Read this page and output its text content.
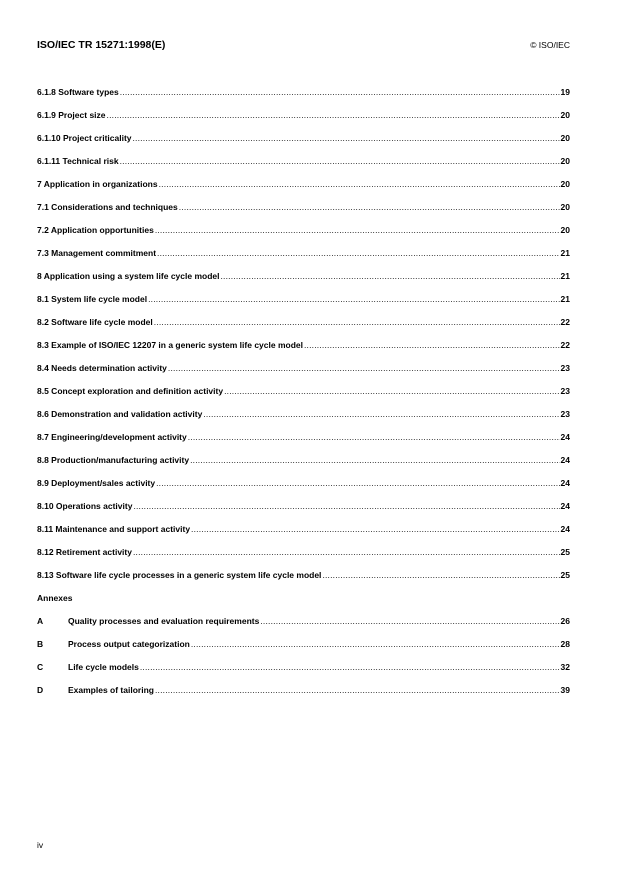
ISO/IEC TR 15271:1998(E)	© ISO/IEC
6.1.8 Software types .....	19
6.1.9 Project size .....	20
6.1.10 Project criticality .....	20
6.1.11 Technical risk .....	20
7 Application in organizations .....	20
7.1 Considerations and techniques .....	20
7.2 Application opportunities .....	20
7.3 Management commitment .....	21
8 Application using a system life cycle model .....	21
8.1 System life cycle model .....	21
8.2 Software life cycle model .....	22
8.3 Example of ISO/IEC 12207 in a generic system life cycle model .....	22
8.4 Needs determination activity .....	23
8.5 Concept exploration and definition activity .....	23
8.6 Demonstration and validation activity .....	23
8.7 Engineering/development activity .....	24
8.8 Production/manufacturing activity .....	24
8.9 Deployment/sales activity .....	24
8.10 Operations activity .....	24
8.11 Maintenance and support activity .....	24
8.12 Retirement activity .....	25
8.13 Software life cycle processes in a generic system life cycle model .....	25
Annexes
A	Quality processes and evaluation requirements .....	26
B	Process output categorization .....	28
C	Life cycle models .....	32
D	Examples of tailoring .....	39
iv
